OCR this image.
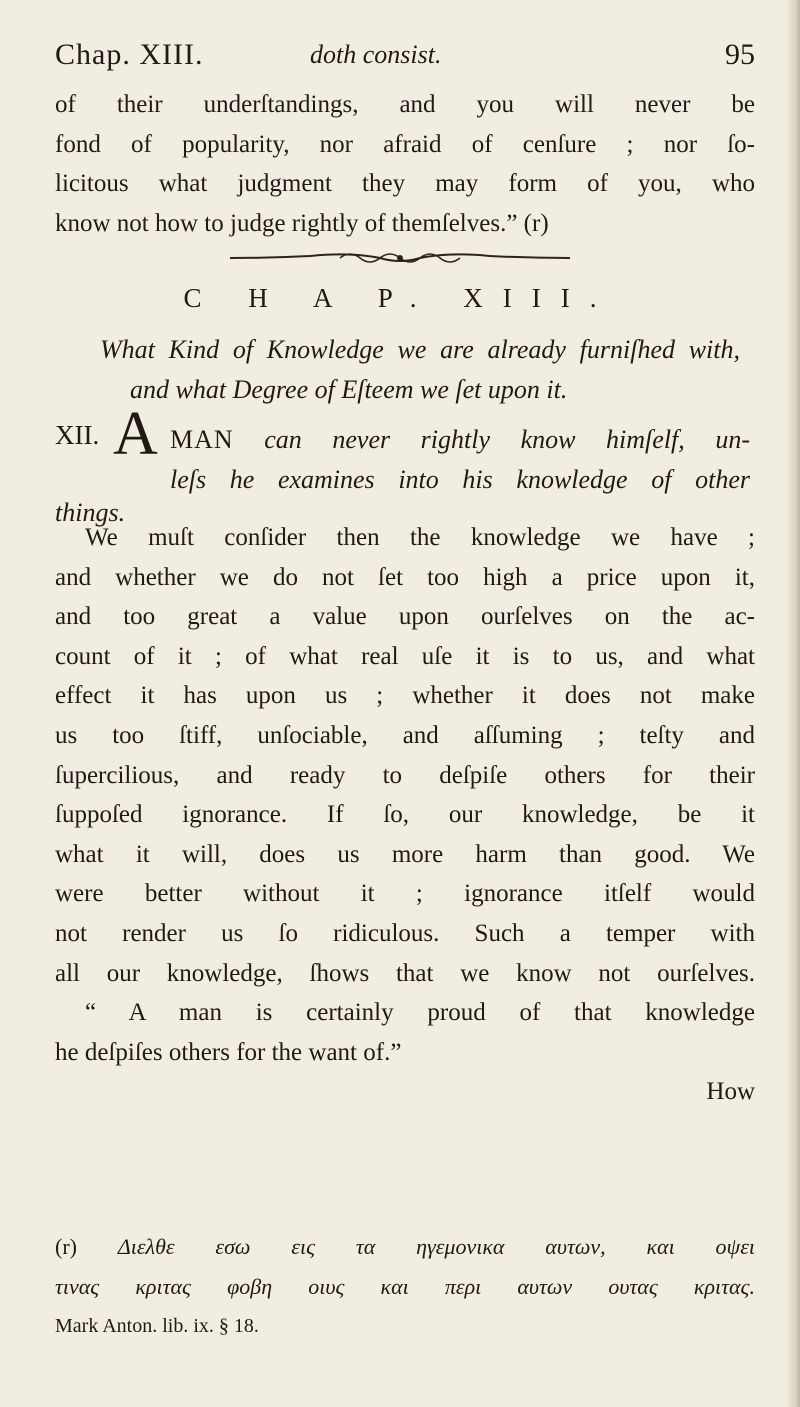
Chap. XIII.	doth consist.	95
of their underſtandings, and you will never be
fond of popularity, nor afraid of cenſure ; nor ſo-
licitous what judgment they may form of you, who
know not how to judge rightly of themſelves.” (r)
C H A P. XIII.
What Kind of Knowledge we are already furniſhed with,
and what Degree of Eſteem we ſet upon it.
XII. A MAN can never rightly know himſelf, un-
leſs he examines into his knowledge of other
things.
We muſt conſider then the knowledge we have ;
and whether we do not ſet too high a price upon it,
and too great a value upon ourſelves on the ac-
count of it ; of what real uſe it is to us, and what
effect it has upon us ; whether it does not make
us too ſtiff, unſociable, and aſſuming ; teſty and
ſupercilious, and ready to deſpiſe others for their
ſuppoſed ignorance. If ſo, our knowledge, be it
what it will, does us more harm than good. We
were better without it ; ignorance itſelf would
not render us ſo ridiculous. Such a temper with
all our knowledge, ſhows that we know not ourſelves.
“ A man is certainly proud of that knowledge
he deſpiſes others for the want of.”
How
(r) Διελθε εσω εις τα ηγεμονικα αυτων, και οψει
τινας κριτας φοβη οιυς και περι αυτων ουτας κριτας.
Mark Anton. lib. ix. § 18.
